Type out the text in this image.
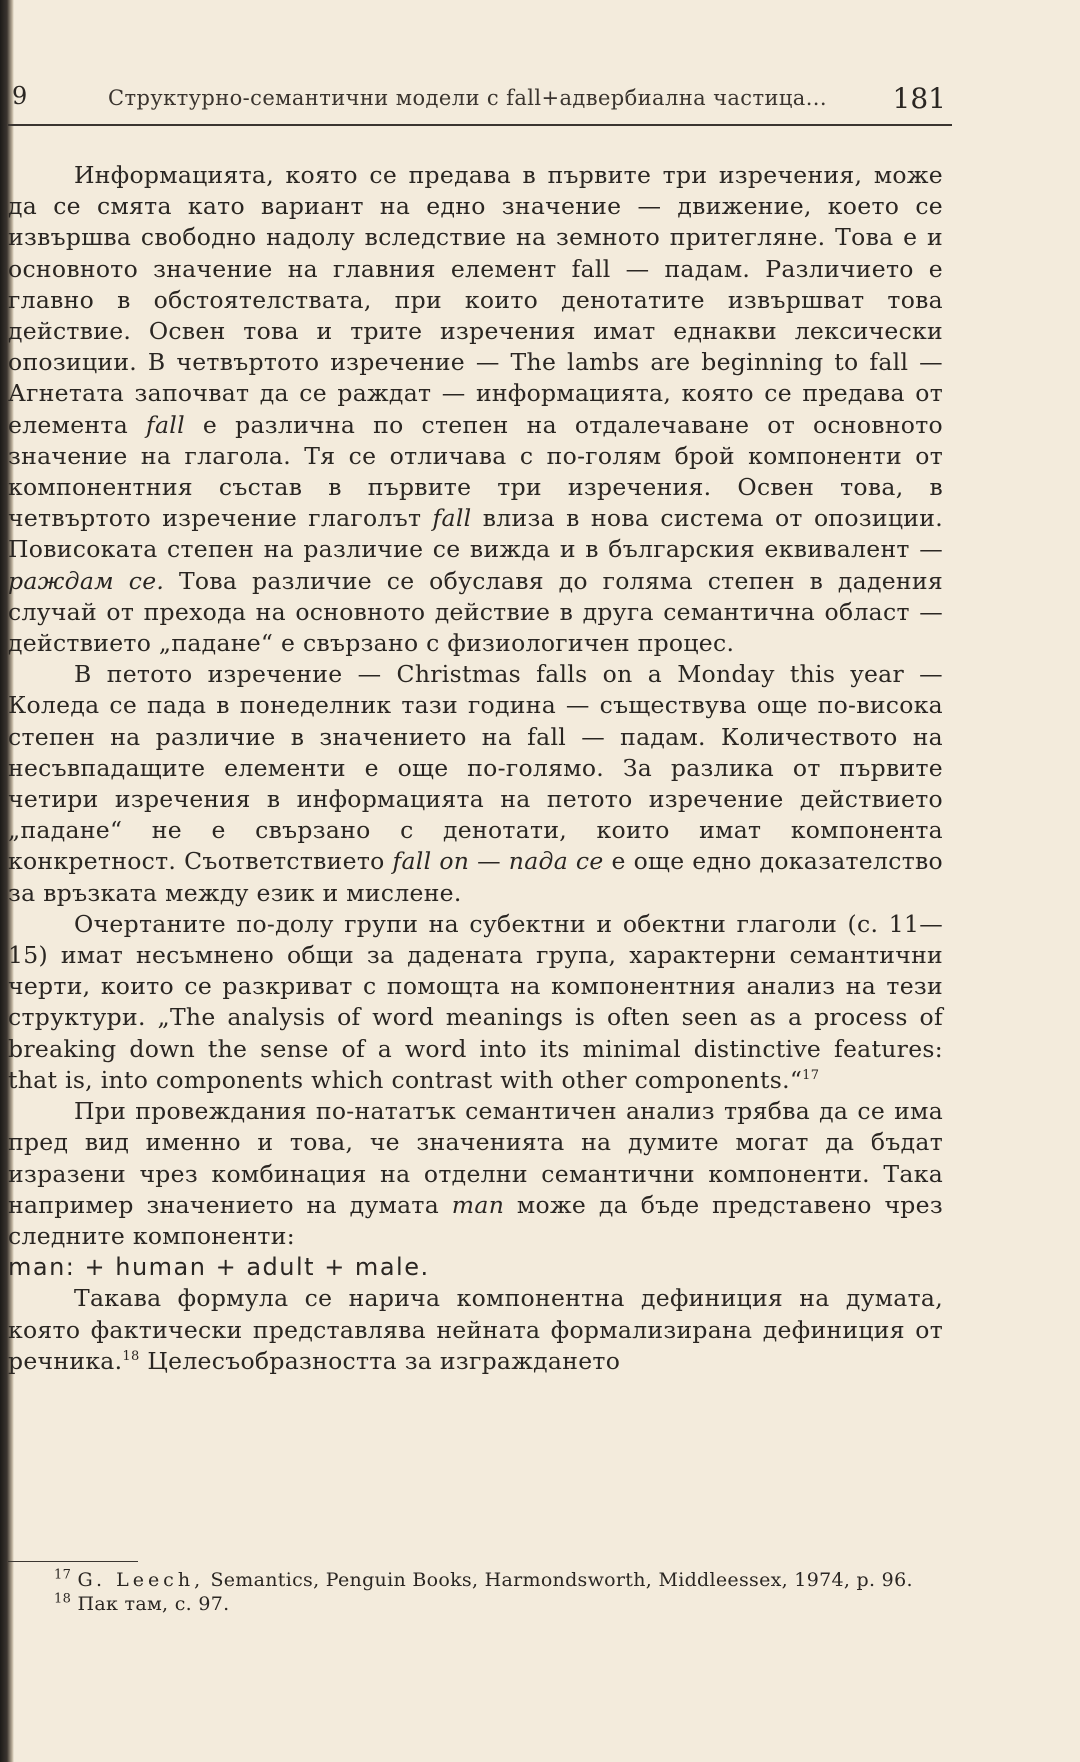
9	Структурно-семантични модели с fall+адвербиална частица... 181

Информацията, която се предава в първите три изречения, може да се смята като вариант на едно значение — движение, което се извършва свободно надолу вследствие на земното притегляне. Това е и основното значение на главния елемент fall — падам. Различието е главно в обстоятелствата, при които денотатите извършват това действие. Освен това и трите изречения имат еднакви лексически опозиции. В четвъртото изречение — The lambs are beginning to fall — Агнетата започват да се раждат — информацията, която се предава от елемента fall е различна по степен на отдалечаване от основното значение на глагола. Тя се отличава с по-голям брой компоненти от компонентния състав в първите три изречения. Освен това, в четвъртото изречение глаголът fall влиза в нова система от опозиции. Повисоката степен на различие се вижда и в българския еквивалент — раждам се. Това различие се обуславя до голяма степен в дадения случай от прехода на основното действие в друга семантична област — действието „падане“ е свързано с физиологичен процес.

В петото изречение — Christmas falls on a Monday this year — Коледа се пада в понеделник тази година — съществува още по-висока степен на различие в значението на fall — падам. Количеството на несъвпадащите елементи е още по-голямо. За разлика от първите четири изречения в информацията на петото изречение действието „падане“ не е свързано с денотати, които имат компонента конкретност. Съответствието fall on — пада се е още едно доказателство за връзката между език и мислене.

Очертаните по-долу групи на субектни и обектни глаголи (с. 11—15) имат несъмнено общи за дадената група, характерни семантични черти, които се разкриват с помощта на компонентния анализ на тези структури. „The analysis of word meanings is often seen as a process of breaking down the sense of a word into its minimal distinctive features: that is, into components which contrast with other components.“$^{17}$

При провеждания по-нататък семантичен анализ трябва да се има пред вид именно и това, че значенията на думите могат да бъдат изразени чрез комбинация на отделни семантични компоненти. Така например значението на думата man може да бъде представено чрез следните компоненти:

man: + human + adult + male.

Такава формула се нарича компонентна дефиниция на думата, която фактически представлява нейната формализирана дефиниция от речника.$^{18}$ Целесъобразността за изграждането

$^{17}$ G. Leech, Semantics, Penguin Books, Harmondsworth, Middleessex, 1974, p. 96.

$^{18}$ Пак там, с. 97.
